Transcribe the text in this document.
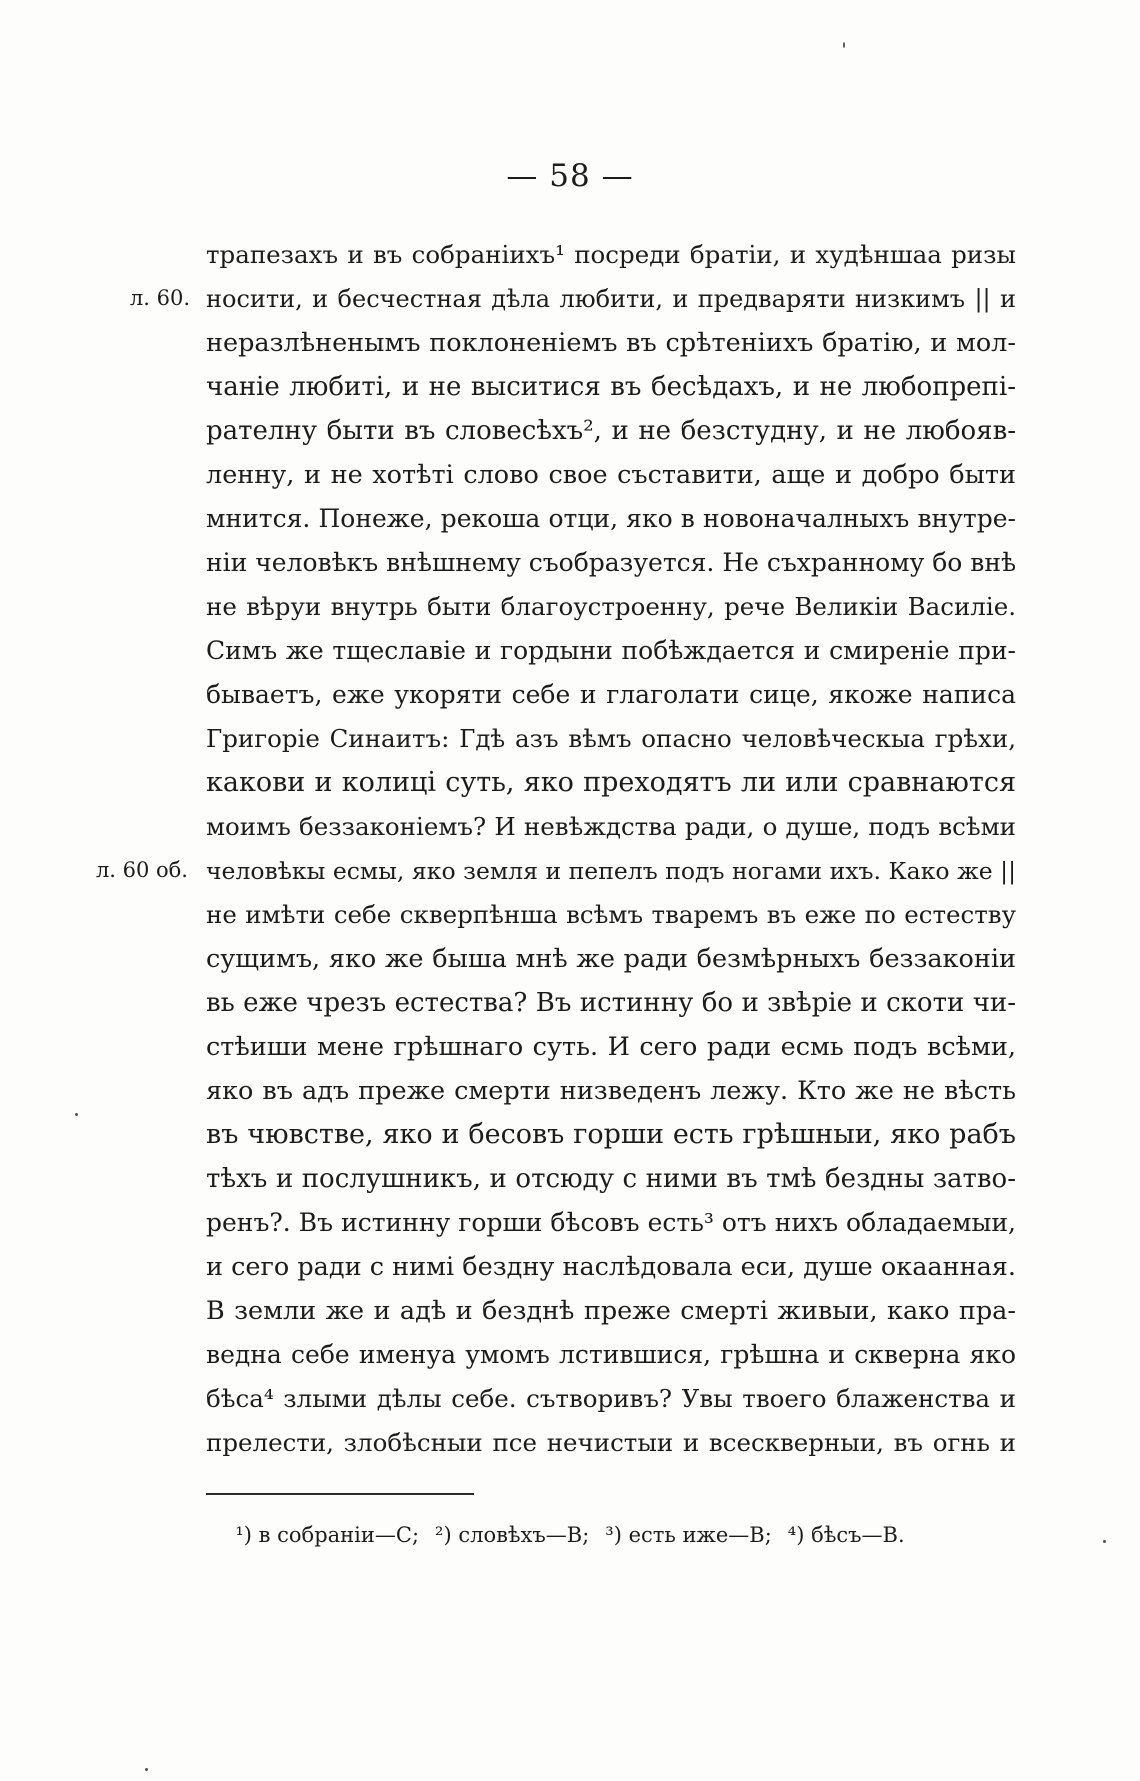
— 58 —
трапезахъ и въ собранiихъ¹ посреди братiи, и худѣншаа ризы
носити, и бесчестная дѣла любити, и предваряти низкимъ || и
л. 60.
неразлѣненымъ поклоненiемъ въ срѣтенiихъ братiю, и мол-
чанiе любитi, и не выситися въ бесѣдахъ, и не любопрепi-
рателну быти въ словесѣхъ², и не безстудну, и не любояв-
ленну, и не хотѣтi слово свое съставити, аще и добро быти
мнится. Понеже, рекоша отци, яко в новоначалныхъ внутре-
нiи человѣкъ внѣшнему съобразуется. Не съхранному бо внѣ
не вѣруи внутрь быти благоустроенну, рече Великiи Василiе.
Симъ же тщеславiе и гордыни побѣждается и смиренiе при-
бываетъ, еже укоряти себе и глаголати сице, якоже написа
Григорiе Синаитъ: Гдѣ азъ вѣмъ опасно человѣческыа грѣхи,
какови и колицi суть, яко преходятъ ли или сравнаются
моимъ беззаконiемъ? И невѣждства ради, о душе, подъ всѣми
человѣкы есмы, яко земля и пепелъ подъ ногами ихъ. Како же ||
л. 60 об.
не имѣти себе скверпѣнша всѣмъ тваремъ въ еже по естеству
сущимъ, яко же быша мнѣ же ради безмѣрныхъ беззаконiи
вь еже чрезъ естества? Въ истинну бо и звѣрiе и скоти чи-
стѣиши мене грѣшнаго суть. И сего ради есмь подъ всѣми,
яко въ адъ преже смерти низведенъ лежу. Кто же не вѣсть
въ чювстве, яко и бесовъ горши есть грѣшныи, яко рабъ
тѣхъ и послушникъ, и отсюду с ними въ тмѣ бездны затво-
ренъ?. Въ истинну горши бѣсовъ есть³ отъ нихъ обладаемыи,
и сего ради с нимi бездну наслѣдовала еси, душе окаанная.
В земли же и адѣ и безднѣ преже смертi живыи, како пра-
ведна себе именуа умомъ лстившися, грѣшна и скверна яко
бѣса⁴ злыми дѣлы себе. сътворивъ? Увы твоего блаженства и
прелести, злобѣсныи псе нечистыи и всескверныи, въ огнь и
¹) в собранiи—С; ²) словѣхъ—В; ³) есть иже—B; ⁴) бѣсъ—В.
